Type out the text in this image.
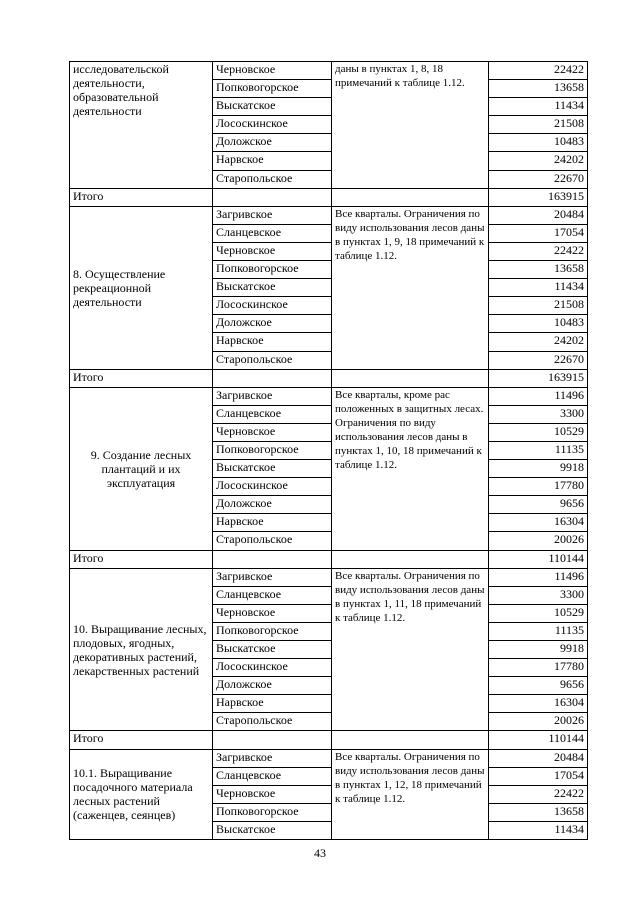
исследовательской деятельности, образовательной деятельности	Черновское	даны в пунктах 1, 8, 18 примечаний к таблице 1.12.	22422
	Попковогорское		13658
	Выскатское		11434
	Лососкинское		21508
	Доложское		10483
	Нарвское		24202
	Старопольское		22670
Итого			163915
8. Осуществление рекреационной деятельности	Загривское	Все кварталы. Ограничения по виду использования лесов даны в пунктах 1, 9, 18 примечаний к таблице 1.12.	20484
	Сланцевское		17054
	Черновское		22422
	Попковогорское		13658
	Выскатское		11434
	Лососкинское		21508
	Доложское		10483
	Нарвское		24202
	Старопольское		22670
Итого			163915
9. Создание лесных плантаций и их эксплуатация	Загривское	Все кварталы, кроме рас положенных в защитных лесах. Ограничения по виду использования лесов даны в пунктах 1, 10, 18 примечаний к таблице 1.12.	11496
	Сланцевское		3300
	Черновское		10529
	Попковогорское		11135
	Выскатское		9918
	Лососкинское		17780
	Доложское		9656
	Нарвское		16304
	Старопольское		20026
Итого			110144
10. Выращивание лесных, плодовых, ягодных, декоративных растений, лекарственных растений	Загривское	Все кварталы. Ограничения по виду использования лесов даны в пунктах 1, 11, 18 примечаний к таблице 1.12.	11496
	Сланцевское		3300
	Черновское		10529
	Попковогорское		11135
	Выскатское		9918
	Лососкинское		17780
	Доложское		9656
	Нарвское		16304
	Старопольское		20026
Итого			110144
10.1. Выращивание посадочного материала лесных растений (саженцев, сеянцев)	Загривское	Все кварталы. Ограничения по виду использования лесов даны в пунктах 1, 12, 18 примечаний к таблице 1.12.	20484
	Сланцевское		17054
	Черновское		22422
	Попковогорское		13658
	Выскатское		11434
43
